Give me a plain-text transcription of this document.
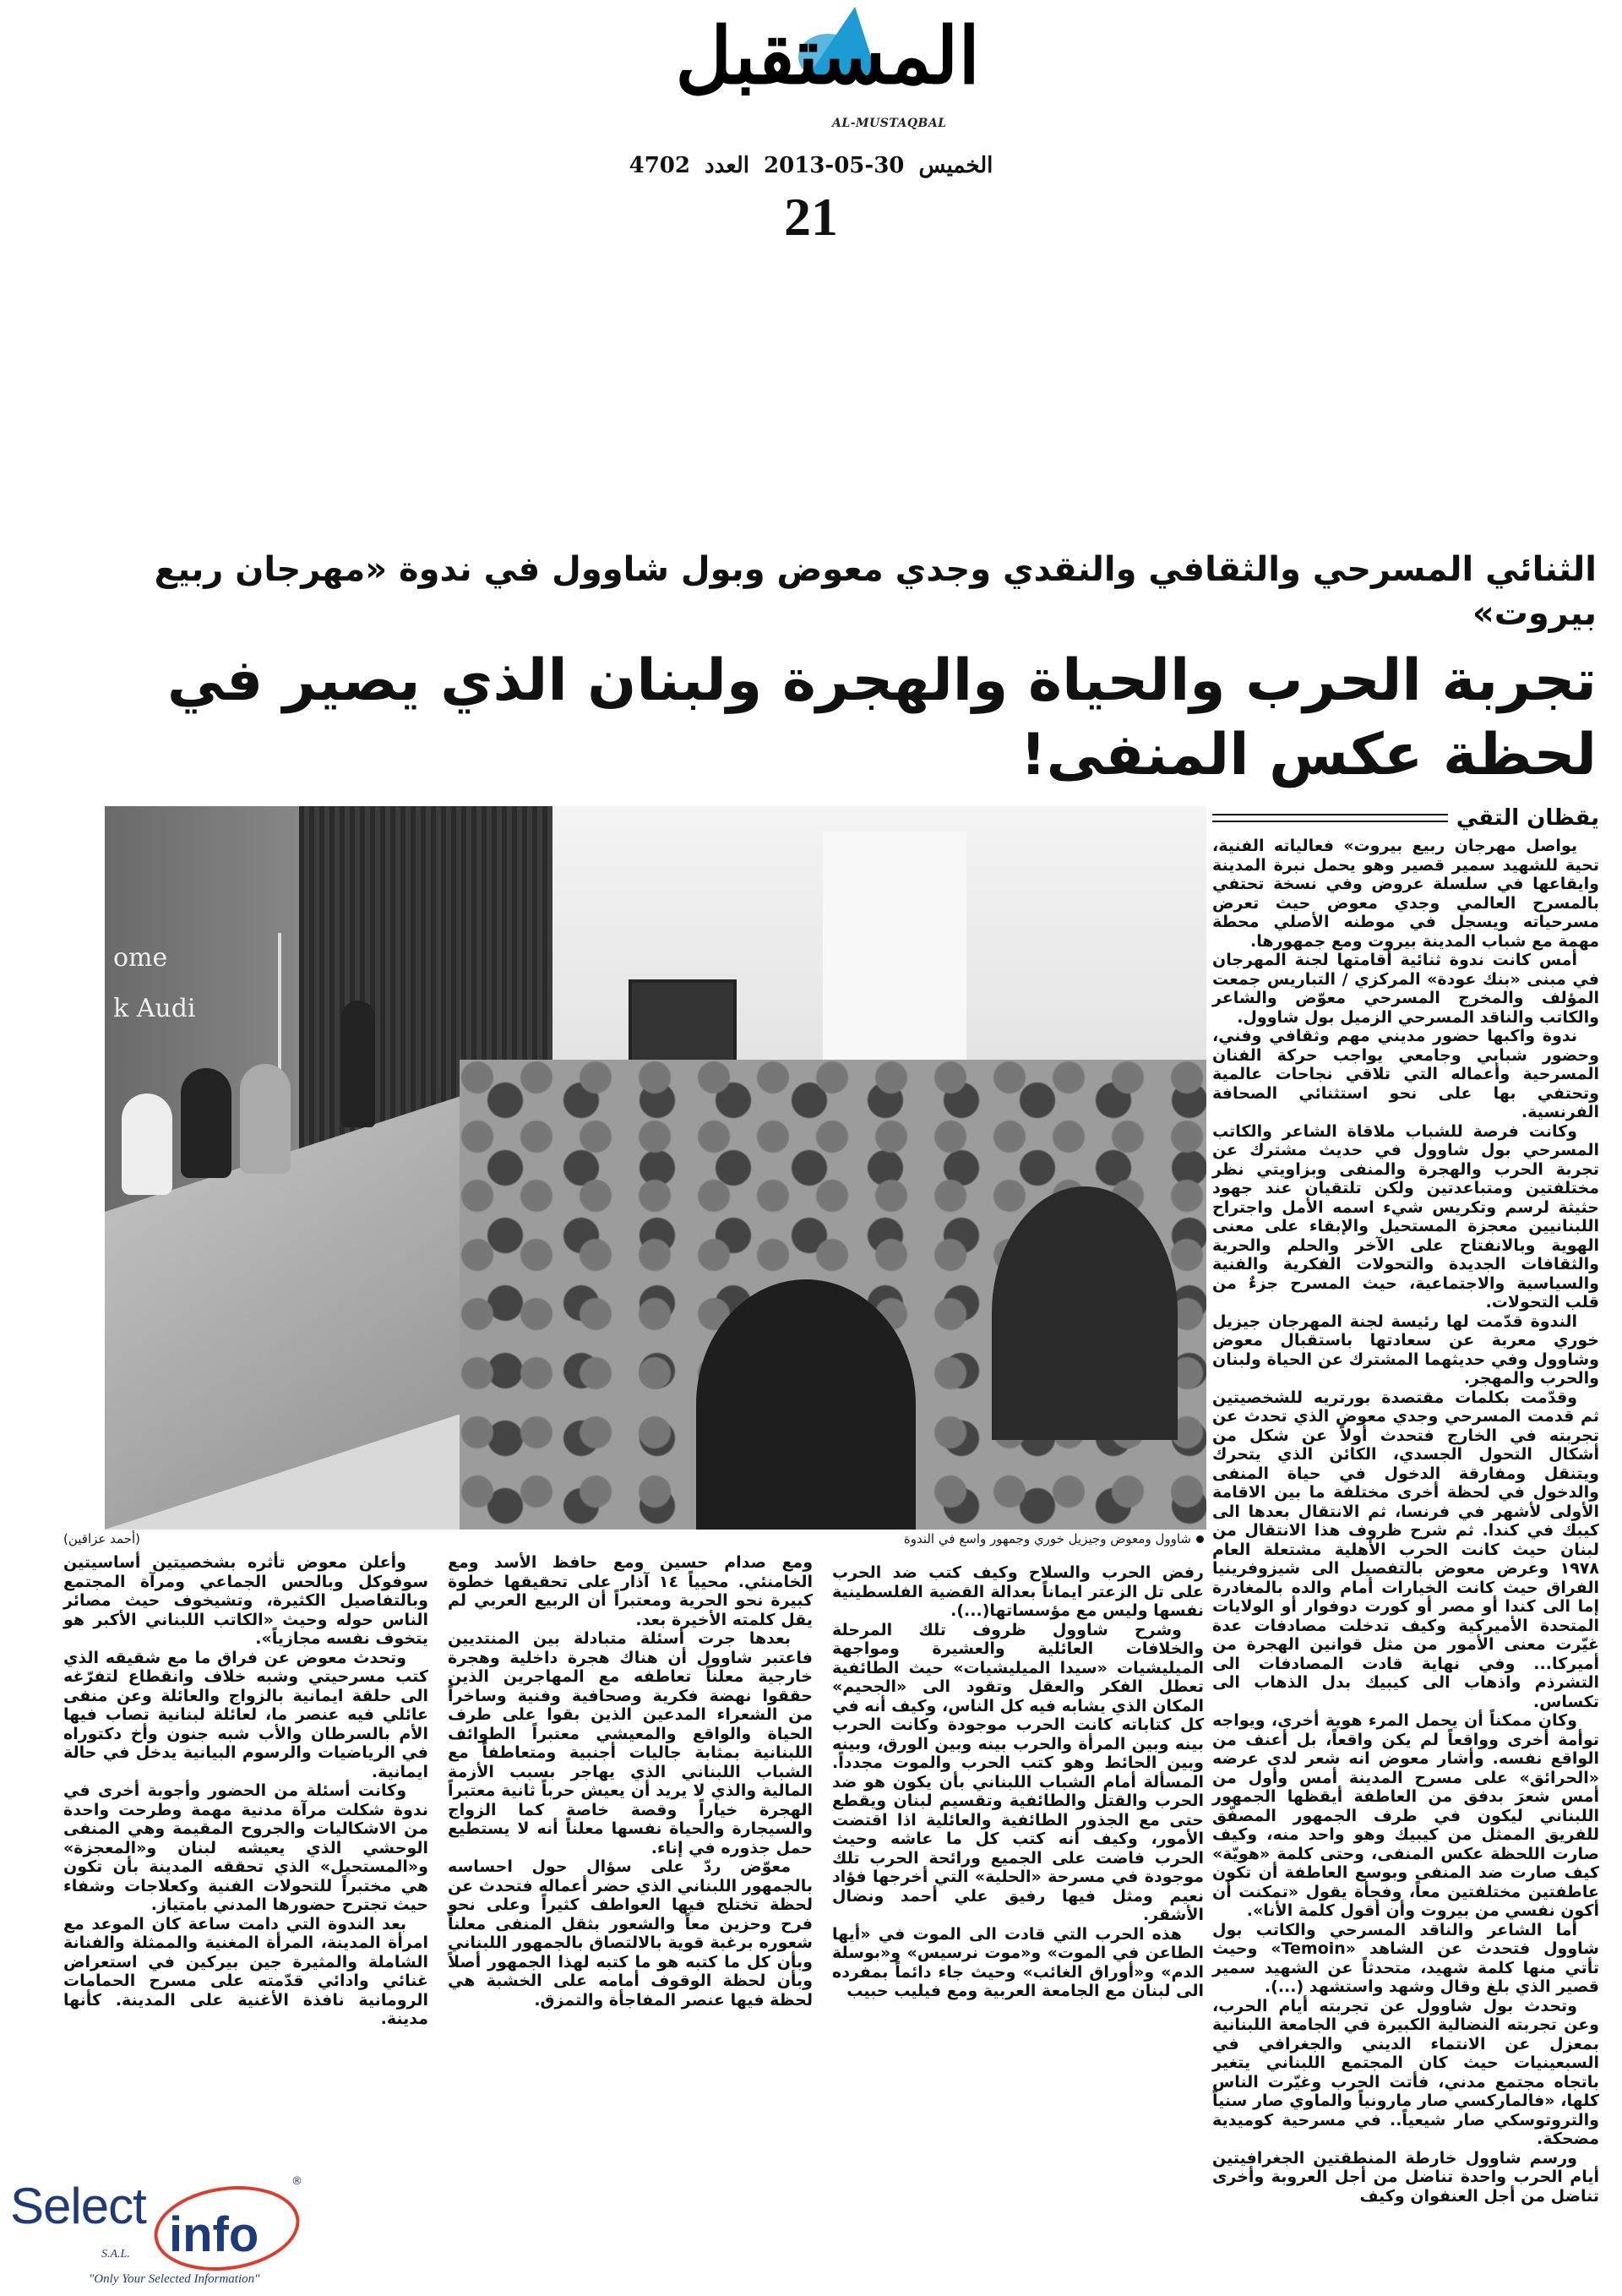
المستقبل
AL-MUSTAQBAL
الخميس 30-05-2013 العدد 4702
21
الثنائي المسرحي والثقافي والنقدي وجدي معوض وبول شاوول في ندوة «مهرجان ربيع بيروت»
تجربة الحرب والحياة والهجرة ولبنان الذي يصير في لحظة عكس المنفى!
يقظان التقي
ome
k Audi
(أحمد عزاقين)	شاوول ومعوض وجيزيل خوري وجمهور واسع في الندوة

يواصل مهرجان ربيع بيروت» فعالياته الفنية، تحية للشهيد سمير قصير وهو يحمل نبرة المدينة وايقاعها في سلسلة عروض وفي نسخة تحتفي بالمسرح العالمي وجدي معوض حيث تعرض مسرحياته ويسجل في موطنه الأصلي محطة مهمة مع شباب المدينة بيروت ومع جمهورها.

أمس كانت ندوة ثنائية أقامتها لجنة المهرجان في مبنى «بنك عودة» المركزي / التباريس جمعت المؤلف والمخرج المسرحي معوّض والشاعر والكاتب والناقد المسرحي الزميل بول شاوول.

ندوة واكبها حضور مديني مهم وثقافي وفني، وحضور شبابي وجامعي يواجب حركة الفنان المسرحية وأعماله التي تلاقي نجاحات عالمية وتحتفي بها على نحو استثنائي الصحافة الفرنسية.

وكانت فرصة للشباب ملاقاة الشاعر والكاتب المسرحي بول شاوول في حديث مشترك عن تجربة الحرب والهجرة والمنفى وبزاويتي نظر مختلفتين ومتباعدتين ولكن تلتقيان عند جهود حثيثة لرسم وتكريس شيء اسمه الأمل واجتراح اللبنانيين معجزة المستحيل والإبقاء على معنى الهوية وبالانفتاح على الآخر والحلم والحرية والثقافات الجديدة والتحولات الفكرية والفنية والسياسية والاجتماعية، حيث المسرح جزءٌ من قلب التحولات.

الندوة قدّمت لها رئيسة لجنة المهرجان جيزيل خوري معربة عن سعادتها باستقبال معوض وشاوول وفي حديثهما المشترك عن الحياة ولبنان والحرب والمهجر.

وقدّمت بكلمات مقتصدة بورتريه للشخصيتين ثم قدمت المسرحي وجدي معوض الذي تحدث عن تجربته في الخارج فتحدث أولاً عن شكل من أشكال التحول الجسدي، الكائن الذي يتحرك ويتنقل ومفارقة الدخول في حياة المنفى والدخول في لحظة أخرى مختلفة ما بين الاقامة الأولى لأشهر في فرنسا، ثم الانتقال بعدها الى كيبك في كندا. ثم شرح ظروف هذا الانتقال من لبنان حيث كانت الحرب الأهلية مشتعلة العام ١٩٧٨ وعرض معوض بالتفصيل الى شيزوفرينيا الفراق حيث كانت الخيارات أمام والده بالمغادرة إما الى كندا أو مصر أو كورت دوفوار أو الولايات المتحدة الأميركية وكيف تدخلت مصادفات عدة غيّرت معنى الأمور من مثل قوانين الهجرة من أميركا... وفي نهاية قادت المصادفات الى التشرذم واذهاب الى كيبيك بدل الذهاب الى تكساس.

وكان ممكناً أن يحمل المرء هوية أخرى، ويواجه توأمة أخرى وواقعاً لم يكن واقعاً، بل أعنف من الواقع نفسه. وأشار معوض انه شعر لدى عرضه «الحرائق» على مسرح المدينة أمس وأول من أمس شعرَ بدفق من العاطفة أيقظها الجمهور اللبناني ليكون في طرف الجمهور المصفّق للفريق الممثل من كيبيك وهو واحد منه، وكيف صارت اللحظة عكس المنفى، وحتى كلمة «هويّة» كيف صارت ضد المنفى وبوسع العاطفة أن تكون عاطفتين مختلفتين معاً، وفجأة يقول «تمكنت أن أكون نفسي من بيروت وأن أقول كلمة الأنا».

أما الشاعر والناقد المسرحي والكاتب بول شاوول فتحدث عن الشاهد «Temoin» وحيث تأتي منها كلمة شهيد، متحدثاً عن الشهيد سمير قصير الذي بلغ وقال وشهد واستشهد (...).

وتحدث بول شاوول عن تجربته أيام الحرب، وعن تجربته النضالية الكبيرة في الجامعة اللبنانية بمعزل عن الانتماء الديني والجغرافي في السبعينيات حيث كان المجتمع اللبناني يتغير باتجاه مجتمع مدني، فأتت الحرب وغيّرت الناس كلها، «فالماركسي صار مارونياً والماوي صار سنياً والتروتوسكي صار شيعياً.. في مسرحية كوميدية مضحكة.

ورسم شاوول خارطة المنطقتين الجغرافيتين أيام الحرب واحدة تناضل من أجل العروبة وأخرى تناضل من أجل العنفوان وكيف

رفض الحرب والسلاح وكيف كتب ضد الحرب على تل الزعتر ايماناً بعدالة القضية الفلسطينية نفسها وليس مع مؤسساتها(...).

وشرح شاوول ظروف تلك المرحلة والخلافات العائلية والعشيرة ومواجهة الميليشيات «سيدا الميليشيات» حيث الطائفية تعطل الفكر والعقل وتقود الى «الجحيم» المكان الذي يشابه فيه كل الناس، وكيف أنه في كل كتاباته كانت الحرب موجودة وكانت الحرب بينه وبين المرأة والحرب بينه وبين الورق، وبينه وبين الحائط وهو كتب الحرب والموت مجدداً. المسألة أمام الشباب اللبناني بأن يكون هو ضد الحرب والقتل والطائفية وتقسيم لبنان ويقطع حتى مع الجذور الطائفية والعائلية اذا اقتضت الأمور، وكيف أنه كتب كل ما عاشه وحيث الحرب فاضت على الجميع ورائحة الحرب تلك موجودة في مسرحة «الحلية» التي أخرجها فؤاد نعيم ومثل فيها رفيق علي أحمد ونضال الأشقر.

هذه الحرب التي قادت الى الموت في «أيها الطاعن في الموت» و«موت نرسيس» و«بوسلة الدم» و«أوراق الغائب» وحيث جاء دائماً بمفرده الى لبنان مع الجامعة العربية ومع فيليب حبيب

ومع صدام حسين ومع حافظ الأسد ومع الخامنئي. محيياً ١٤ آذار على تحقيقها خطوة كبيرة نحو الحرية ومعتبراً أن الربيع العربي لم يقل كلمته الأخيرة بعد.

بعدها جرت أسئلة متبادلة بين المنتديين فاعتبر شاوول أن هناك هجرة داخلية وهجرة خارجية معلناً تعاطفه مع المهاجرين الذين حققوا نهضة فكرية وصحافية وفنية وساخراً من الشعراء المدعين الذين بقوا على طرف الحياة والواقع والمعيشي معتبراً الطوائف اللبنانية بمثابة جاليات أجنبية ومتعاطفاً مع الشباب اللبناني الذي يهاجر بسبب الأزمة المالية والذي لا يريد أن يعيش حرباً ثانية معتبراً الهجرة خياراً وقصة خاصة كما الزواج والسيجارة والحياة نفسها معلناً أنه لا يستطيع حمل جذوره في إناء.

معوّض ردّ على سؤال حول احساسه بالجمهور اللبناني الذي حضر أعماله فتحدث عن لحظة تختلج فيها العواطف كثيراً وعلى نحو فرح وحزين معاً والشعور بثقل المنفى معلناً شعوره برغبة قوية بالالتصاق بالجمهور اللبناني وبأن كل ما كتبه هو ما كتبه لهذا الجمهور أصلاً وبأن لحظة الوقوف أمامه على الخشبة هي لحظة فيها عنصر المفاجأة والتمزق.

وأعلن معوض تأثره بشخصيتين أساسيتين سوفوكل وبالحس الجماعي ومرآة المجتمع وبالتفاصيل الكثيرة، وتشيخوف حيث مصائر الناس حوله وحيث «الكاتب اللبناني الأكبر هو يتخوف نفسه مجازياً».

وتحدث معوض عن فراق ما مع شقيقه الذي كتب مسرحيتي وشبه خلاف وانقطاع لتفرّغه الى حلقة ايمانية بالزواج والعائلة وعن منفى عائلي فيه عنصر ما، لعائلة لبنانية تصاب فيها الأم بالسرطان والأب شبه جنون وأخ دكتوراه في الرياضيات والرسوم البيانية يدخل في حالة ايمانية.

وكانت أسئلة من الحضور وأجوبة أخرى في ندوة شكلت مرآة مدنية مهمة وطرحت واحدة من الاشكاليات والجروح المقيمة وهي المنفى الوحشي الذي يعيشه لبنان و«المعجزة» و«المستحيل» الذي تحققه المدينة بأن تكون هي مختبراً للتحولات الفنية وكعلاجات وشفاء حيث تجترح حضورها المدني بامتياز.

بعد الندوة التي دامت ساعة كان الموعد مع امرأة المدينة، المرأة المغنية والممثلة والفنانة الشاملة والمثيرة جين بيركين في استعراض غنائي وادائي قدّمته على مسرح الحمامات الرومانية نافذة الأغنية على المدينة. كأنها مدينة.

Select
info
®
S.A.L.
"Only Your Selected Information"
